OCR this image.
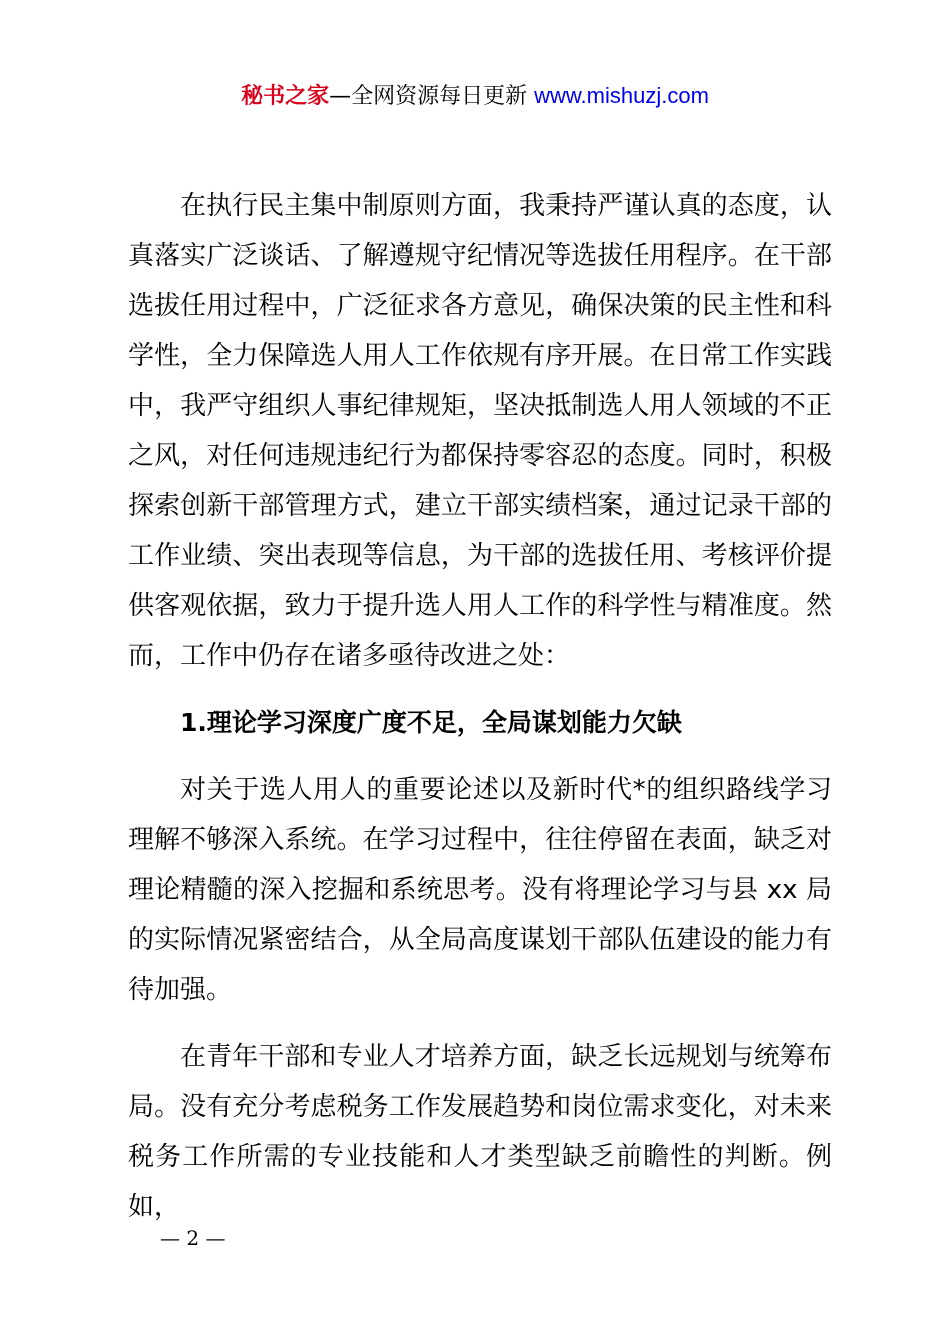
秘书之家—全网资源每日更新 www.mishuzj.com

在执行民主集中制原则方面，我秉持严谨认真的态度，认真落实广泛谈话、了解遵规守纪情况等选拔任用程序。在干部选拔任用过程中，广泛征求各方意见，确保决策的民主性和科学性，全力保障选人用人工作依规有序开展。在日常工作实践中，我严守组织人事纪律规矩，坚决抵制选人用人领域的不正之风，对任何违规违纪行为都保持零容忍的态度。同时，积极探索创新干部管理方式，建立干部实绩档案，通过记录干部的工作业绩、突出表现等信息，为干部的选拔任用、考核评价提供客观依据，致力于提升选人用人工作的科学性与精准度。然而，工作中仍存在诸多亟待改进之处：

1.理论学习深度广度不足，全局谋划能力欠缺

对关于选人用人的重要论述以及新时代*的组织路线学习理解不够深入系统。在学习过程中，往往停留在表面，缺乏对理论精髓的深入挖掘和系统思考。没有将理论学习与县 xx 局的实际情况紧密结合，从全局高度谋划干部队伍建设的能力有待加强。

在青年干部和专业人才培养方面，缺乏长远规划与统筹布局。没有充分考虑税务工作发展趋势和岗位需求变化，对未来税务工作所需的专业技能和人才类型缺乏前瞻性的判断。例如，

— 2 —
